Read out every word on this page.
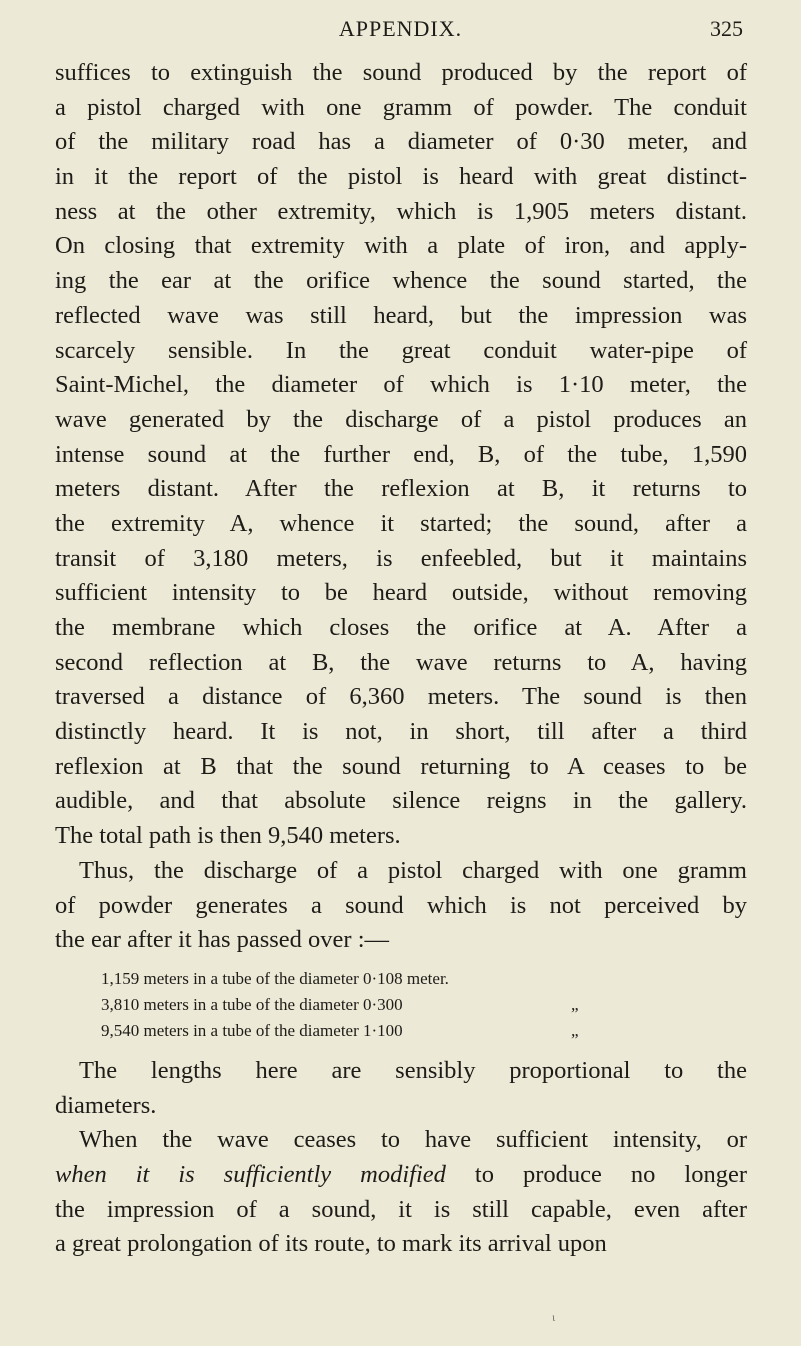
APPENDIX.	325
suffices to extinguish the sound produced by the report of
a pistol charged with one gramm of powder. The conduit
of the military road has a diameter of 0·30 meter, and
in it the report of the pistol is heard with great distinct-
ness at the other extremity, which is 1,905 meters distant.
On closing that extremity with a plate of iron, and apply-
ing the ear at the orifice whence the sound started, the
reflected wave was still heard, but the impression was
scarcely sensible. In the great conduit water-pipe of
Saint-Michel, the diameter of which is 1·10 meter, the
wave generated by the discharge of a pistol produces an
intense sound at the further end, B, of the tube, 1,590
meters distant. After the reflexion at B, it returns to
the extremity A, whence it started; the sound, after a
transit of 3,180 meters, is enfeebled, but it maintains
sufficient intensity to be heard outside, without removing
the membrane which closes the orifice at A. After a
second reflection at B, the wave returns to A, having
traversed a distance of 6,360 meters. The sound is then
distinctly heard. It is not, in short, till after a third
reflexion at B that the sound returning to A ceases to be
audible, and that absolute silence reigns in the gallery.
The total path is then 9,540 meters.
Thus, the discharge of a pistol charged with one gramm
of powder generates a sound which is not perceived by
the ear after it has passed over :—
1,159 meters in a tube of the diameter 0·108 meter.
3,810 meters in a tube of the diameter 0·300	„
9,540 meters in a tube of the diameter 1·100	„
The lengths here are sensibly proportional to the
diameters.
When the wave ceases to have sufficient intensity, or
when it is sufficiently modified to produce no longer
the impression of a sound, it is still capable, even after
a great prolongation of its route, to mark its arrival upon
ι
